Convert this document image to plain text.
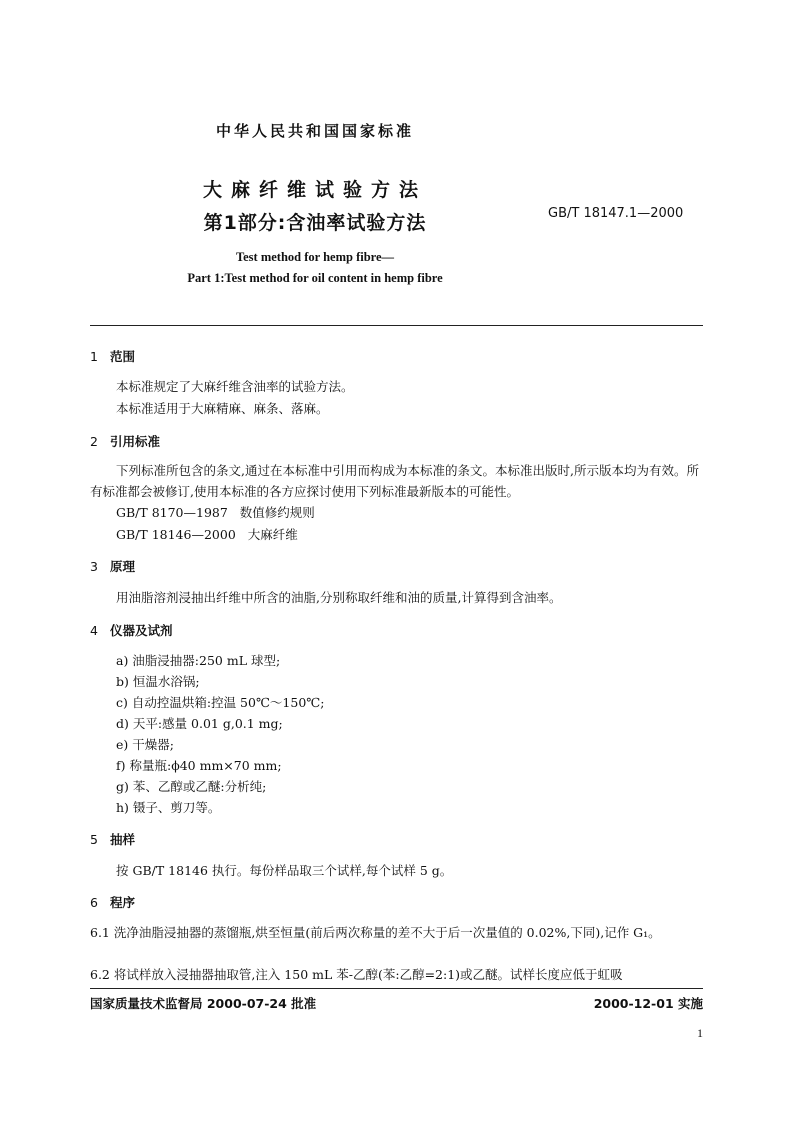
中华人民共和国国家标准
大麻纤维试验方法
第1部分:含油率试验方法	GB/T 18147.1—2000
Test method for hemp fibre—
Part 1:Test method for oil content in hemp fibre
1 范围
本标准规定了大麻纤维含油率的试验方法。
本标准适用于大麻精麻、麻条、落麻。
2 引用标准
下列标准所包含的条文,通过在本标准中引用而构成为本标准的条文。本标准出版时,所示版本均为有效。所有标准都会被修订,使用本标准的各方应探讨使用下列标准最新版本的可能性。
GB/T 8170—1987   数值修约规则
GB/T 18146—2000   大麻纤维
3 原理
用油脂溶剂浸抽出纤维中所含的油脂,分别称取纤维和油的质量,计算得到含油率。
4 仪器及试剂
a) 油脂浸抽器:250 mL 球型;
b) 恒温水浴锅;
c) 自动控温烘箱:控温 50℃～150℃;
d) 天平:感量 0.01 g,0.1 mg;
e) 干燥器;
f) 称量瓶:ϕ40 mm×70 mm;
g) 苯、乙醇或乙醚:分析纯;
h) 镊子、剪刀等。
5 抽样
按 GB/T 18146 执行。每份样品取三个试样,每个试样 5 g。
6 程序
6.1 洗净油脂浸抽器的蒸馏瓶,烘至恒量(前后两次称量的差不大于后一次量值的 0.02%,下同),记作 G₁。
6.2 将试样放入浸抽器抽取管,注入 150 mL 苯-乙醇(苯:乙醇=2:1)或乙醚。试样长度应低于虹吸
国家质量技术监督局 2000-07-24 批准	2000-12-01 实施
1
